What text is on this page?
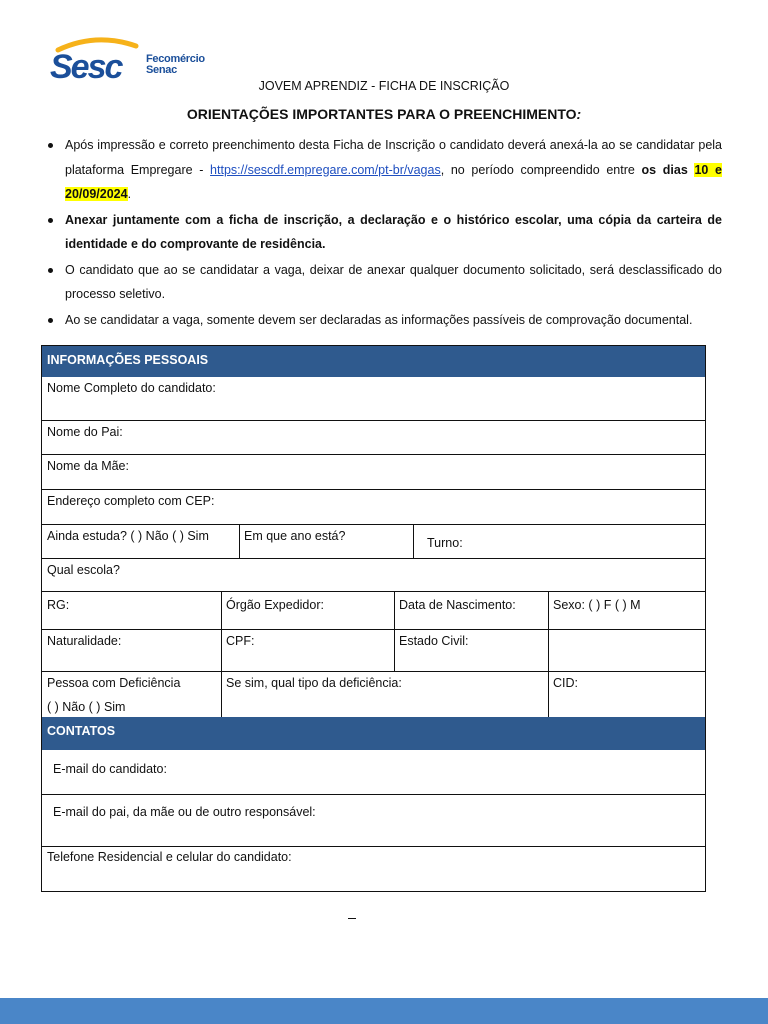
Sesc Fecomércio
Senac
JOVEM APRENDIZ - FICHA DE INSCRIÇÃO
ORIENTAÇÕES IMPORTANTES PARA O PREENCHIMENTO:
Após impressão e correto preenchimento desta Ficha de Inscrição o candidato deverá anexá-la ao se candidatar pela plataforma Empregare - https://sescdf.empregare.com/pt-br/vagas, no período compreendido entre os dias 10 e 20/09/2024.
Anexar juntamente com a ficha de inscrição, a declaração e o histórico escolar, uma cópia da carteira de identidade e do comprovante de residência.
O candidato que ao se candidatar a vaga, deixar de anexar qualquer documento solicitado, será desclassificado do processo seletivo.
Ao se candidatar a vaga, somente devem ser declaradas as informações passíveis de comprovação documental.
INFORMAÇÕES PESSOAIS
Nome Completo do candidato:
Nome do Pai:
Nome da Mãe:
Endereço completo com CEP:
Ainda estuda? ( ) Não ( ) Sim	Em que ano está?	Turno:
Qual escola?
RG:	Órgão Expedidor:	Data de Nascimento:	Sexo: ( ) F ( ) M
Naturalidade:	CPF:	Estado Civil:
Pessoa com Deficiência
( ) Não ( ) Sim
Se sim, qual tipo da deficiência:	CID:
CONTATOS
E-mail do candidato:
E-mail do pai, da mãe ou de outro responsável:
Telefone Residencial e celular do candidato:
